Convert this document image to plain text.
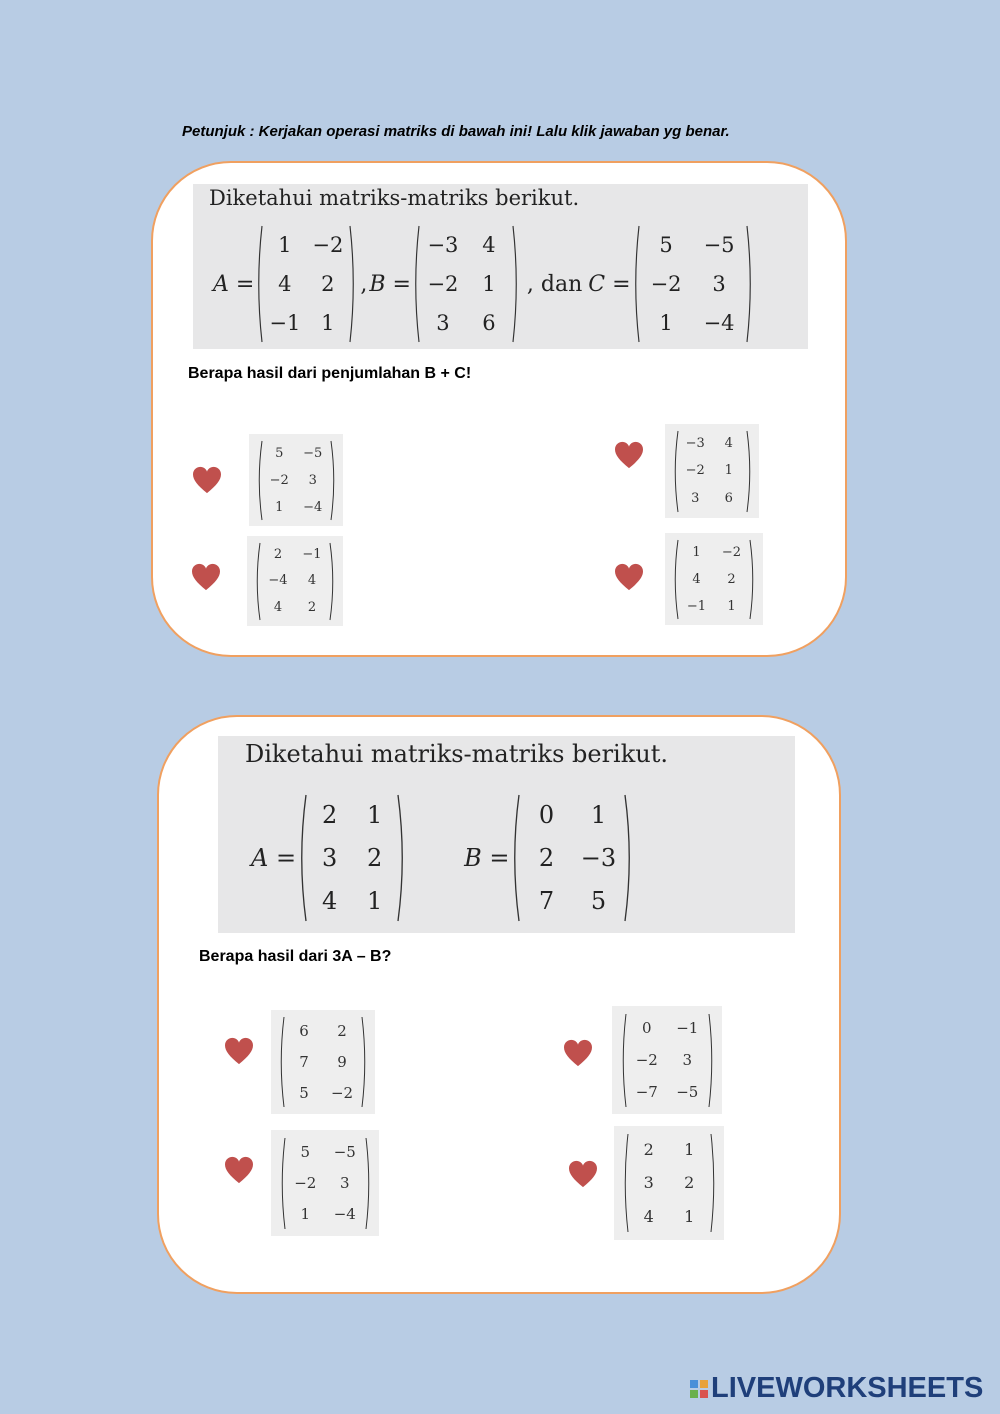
Petunjuk : Kerjakan operasi matriks di bawah ini! Lalu klik jawaban yg benar.
Diketahui matriks-matriks berikut.
A =
1 −2
4	2
−1 1
, B =
−3	4
−2	1
3	6
, dan C =
5	−5
−2	3
1	−4
Berapa hasil dari penjumlahan B + C!
5	−5
−2	3
1	−4
−3	4
−2	1
3	6
2	−1
−4	4
4	2
1	−2
4	2
−1	1
Diketahui matriks-matriks berikut.
A =
2	1
3	2
4	1
B =
0	1
2	−3
7	5
Berapa hasil dari 3A – B?
6	2
7	9
5	−2
0	−1
−2	3
−7	−5
5	−5
−2	3
1	−4
2	1
3	2
4	1
LIVEWORKSHEETS
